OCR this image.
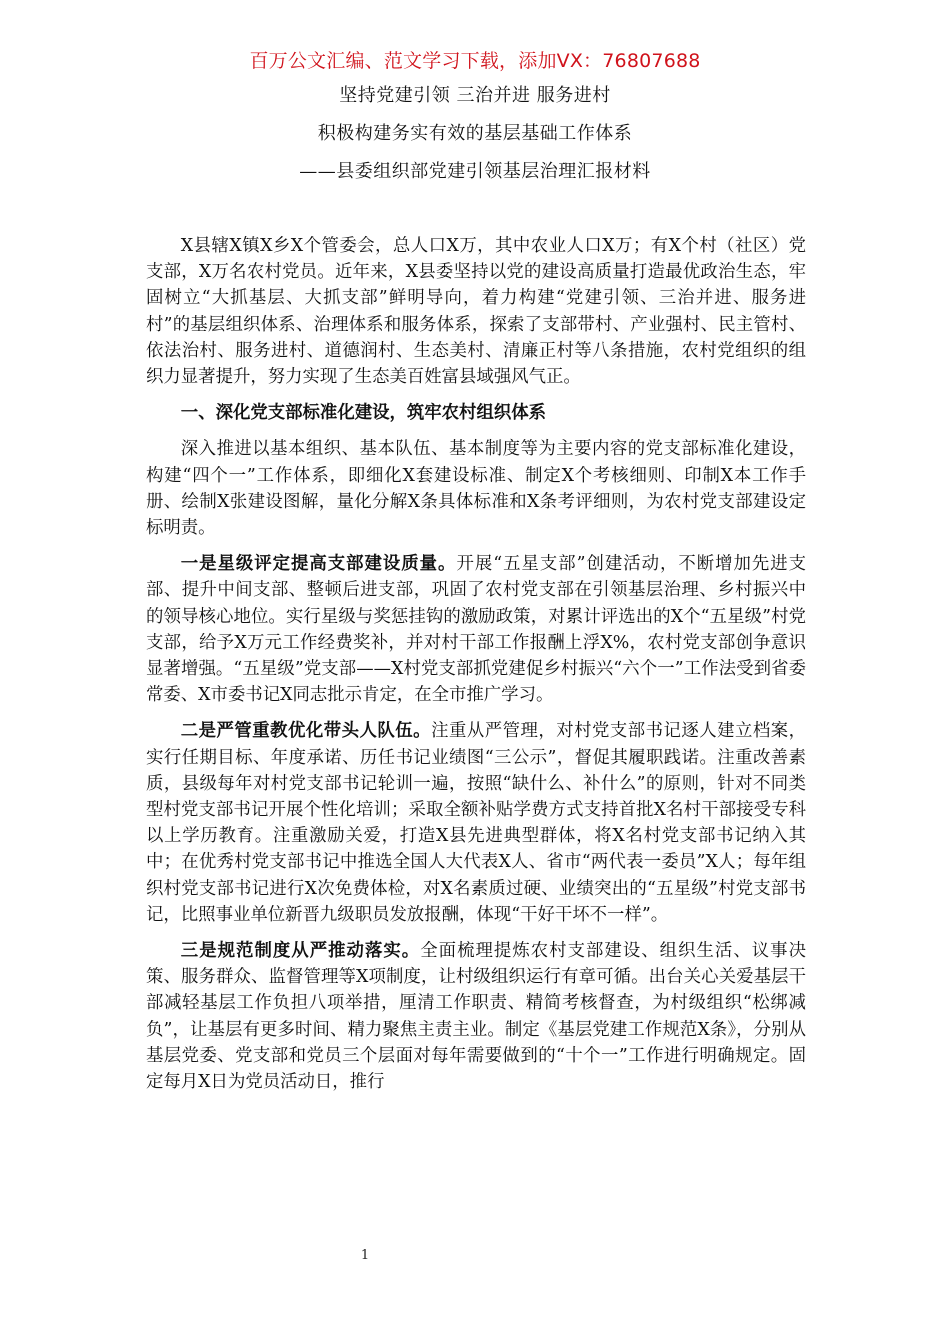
百万公文汇编、范文学习下载，添加VX：76807688
坚持党建引领 三治并进 服务进村
积极构建务实有效的基层基础工作体系
——县委组织部党建引领基层治理汇报材料

X县辖X镇X乡X个管委会，总人口X万，其中农业人口X万；有X个村（社区）党支部，X万名农村党员。近年来，X县委坚持以党的建设高质量打造最优政治生态，牢固树立“大抓基层、大抓支部”鲜明导向，着力构建“党建引领、三治并进、服务进村”的基层组织体系、治理体系和服务体系，探索了支部带村、产业强村、民主管村、依法治村、服务进村、道德润村、生态美村、清廉正村等八条措施，农村党组织的组织力显著提升，努力实现了生态美百姓富县域强风气正。

一、深化党支部标准化建设，筑牢农村组织体系

深入推进以基本组织、基本队伍、基本制度等为主要内容的党支部标准化建设，构建“四个一”工作体系，即细化X套建设标准、制定X个考核细则、印制X本工作手册、绘制X张建设图解，量化分解X条具体标准和X条考评细则，为农村党支部建设定标明责。

一是星级评定提高支部建设质量。开展“五星支部”创建活动，不断增加先进支部、提升中间支部、整顿后进支部，巩固了农村党支部在引领基层治理、乡村振兴中的领导核心地位。实行星级与奖惩挂钩的激励政策，对累计评选出的X个“五星级”村党支部，给予X万元工作经费奖补，并对村干部工作报酬上浮X%，农村党支部创争意识显著增强。“五星级”党支部——X村党支部抓党建促乡村振兴“六个一”工作法受到省委常委、X市委书记X同志批示肯定，在全市推广学习。

二是严管重教优化带头人队伍。注重从严管理，对村党支部书记逐人建立档案，实行任期目标、年度承诺、历任书记业绩图“三公示”，督促其履职践诺。注重改善素质，县级每年对村党支部书记轮训一遍，按照“缺什么、补什么”的原则，针对不同类型村党支部书记开展个性化培训；采取全额补贴学费方式支持首批X名村干部接受专科以上学历教育。注重激励关爱，打造X县先进典型群体，将X名村党支部书记纳入其中；在优秀村党支部书记中推选全国人大代表X人、省市“两代表一委员”X人；每年组织村党支部书记进行X次免费体检，对X名素质过硬、业绩突出的“五星级”村党支部书记，比照事业单位新晋九级职员发放报酬，体现“干好干坏不一样”。

三是规范制度从严推动落实。全面梳理提炼农村支部建设、组织生活、议事决策、服务群众、监督管理等X项制度，让村级组织运行有章可循。出台关心关爱基层干部减轻基层工作负担八项举措，厘清工作职责、精简考核督查，为村级组织“松绑减负”，让基层有更多时间、精力聚焦主责主业。制定《基层党建工作规范X条》，分别从基层党委、党支部和党员三个层面对每年需要做到的“十个一”工作进行明确规定。固定每月X日为党员活动日，推行

1
